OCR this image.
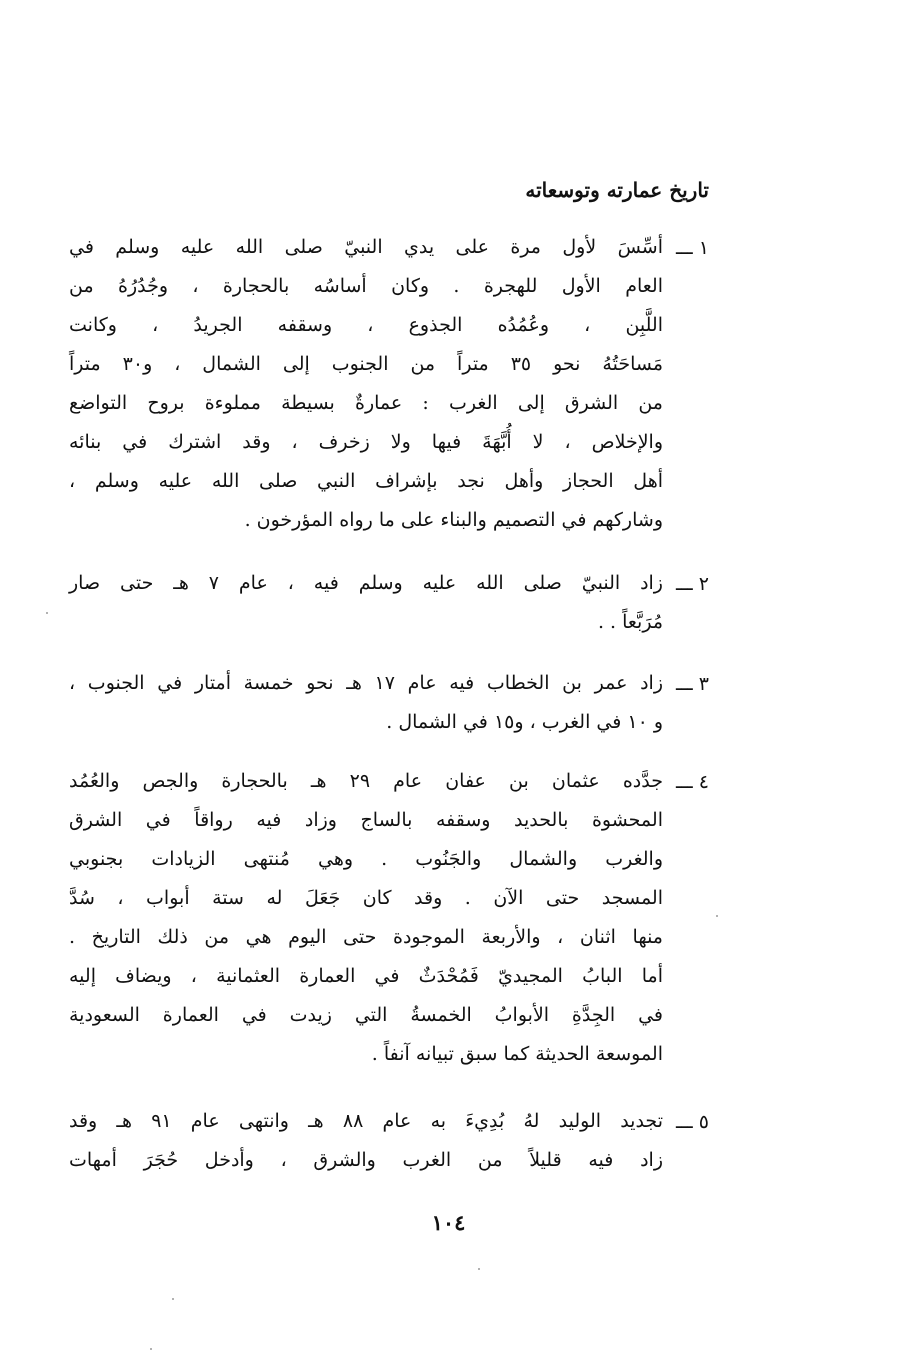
تاريخ عمارته وتوسعاته
١ ـــ
أسِّسَ لأول مرة على يدي النبيّ صلى الله عليه وسلم في
العام الأول للهجرة . وكان أساسُه بالحجارة ، وجُدُرُهُ من
اللَّبِن ، وعُمُدُه الجذوع ، وسقفه الجريدُ ، وكانت
مَساحَتُهُ نحو ٣٥ متراً من الجنوب إلى الشمال ، و٣٠ متراً
من الشرق إلى الغرب : عمارةٌ بسيطة مملوءة بروح التواضع
والإخلاص ، لا أُبَّهَةَ فيها ولا زخرف ، وقد اشترك في بنائه
أهل الحجاز وأهل نجد بإشراف النبي صلى الله عليه وسلم ،
وشاركهم في التصميم والبناء على ما رواه المؤرخون .
٢ ـــ
زاد النبيّ صلى الله عليه وسلم فيه ، عام ٧ هـ حتى صار
مُرَبَّعاً . .
٣ ـــ
زاد عمر بن الخطاب فيه عام ١٧ هـ نحو خمسة أمتار في الجنوب ،
و ١٠ في الغرب ، و١٥ في الشمال .
٤ ـــ
جدَّده عثمان بن عفان عام ٢٩ هـ بالحجارة والجص والعُمُد
المحشوة بالحديد وسقفه بالساج وزاد فيه رواقاً في الشرق
والغرب والشمال والجَنُوب . وهي مُنتهى الزيادات بجنوبي
المسجد حتى الآن . وقد كان جَعَلَ له ستة أبواب ، سُدَّ
منها اثنان ، والأربعة الموجودة حتى اليوم هي من ذلك التاريخ .
أما البابُ المجيديّ فَمُحْدَثٌ في العمارة العثمانية ، ويضاف إليه
في الجِدَّةِ الأبوابُ الخمسةُ التي زيدت في العمارة السعودية
الموسعة الحديثة كما سبق تبيانه آنفاً .
٥ ـــ
تجديد الوليد لهُ بُدِيءَ به عام ٨٨ هـ وانتهى عام ٩١ هـ وقد
زاد فيه قليلاً من الغرب والشرق ، وأدخل حُجَرَ أمهات
١٠٤
